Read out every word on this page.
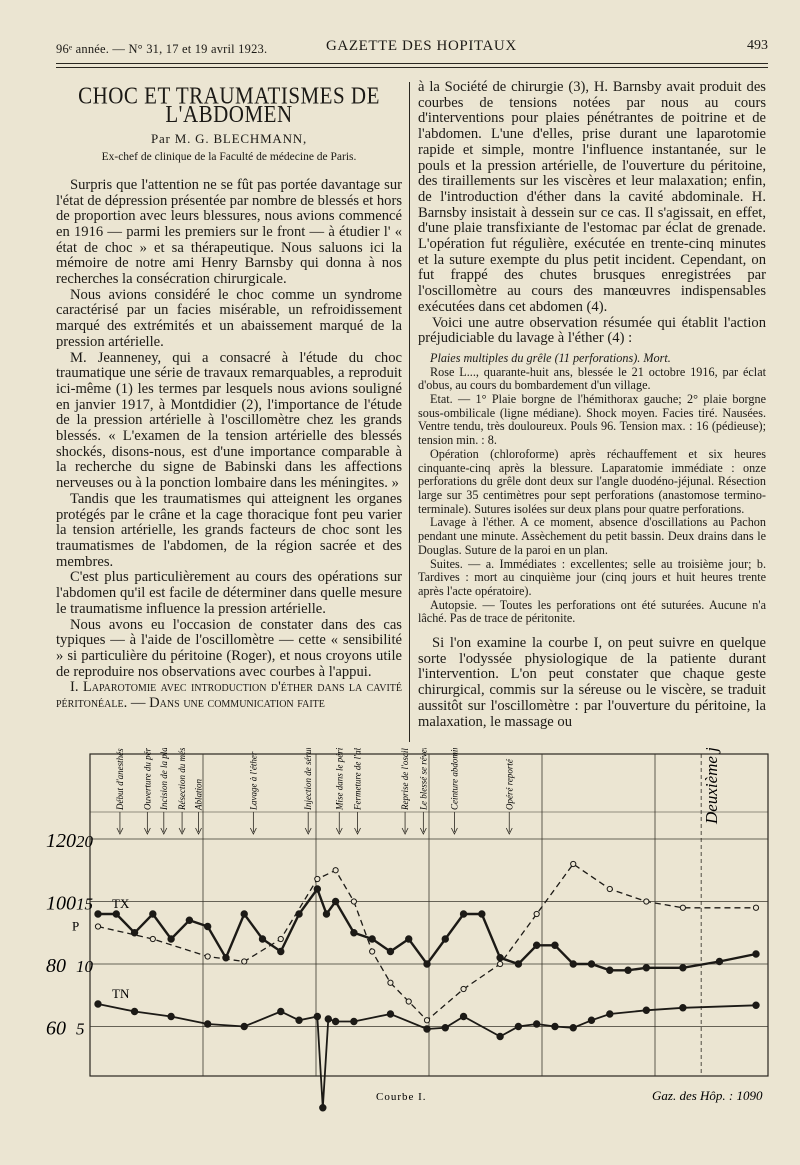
96ᵉ année. — N° 31, 17 et 19 avril 1923.	GAZETTE DES HOPITAUX	493
CHOC ET TRAUMATISMES DE L'ABDOMEN
Par M. G. BLECHMANN,
Ex-chef de clinique de la Faculté de médecine de Paris.

Surpris que l'attention ne se fût pas portée davantage sur l'état de dépression présentée par nombre de blessés et hors de proportion avec leurs blessures, nous avions commencé en 1916 — parmi les premiers sur le front — à étudier l' « état de choc » et sa thérapeutique. Nous saluons ici la mémoire de notre ami Henry Barnsby qui donna à nos recherches la consécration chirurgicale.

Nous avions considéré le choc comme un syndrome caractérisé par un facies misérable, un refroidissement marqué des extrémités et un abaissement marqué de la pression artérielle.

M. Jeanneney, qui a consacré à l'étude du choc traumatique une série de travaux remarquables, a reproduit ici-même (1) les termes par lesquels nous avions souligné en janvier 1917, à Montdidier (2), l'importance de l'étude de la pression artérielle à l'oscillomètre chez les grands blessés. « L'examen de la tension artérielle des blessés shockés, disons-nous, est d'une importance comparable à la recherche du signe de Babinski dans les affections nerveuses ou à la ponction lombaire dans les méningites. »

Tandis que les traumatismes qui atteignent les organes protégés par le crâne et la cage thoracique font peu varier la tension artérielle, les grands facteurs de choc sont les traumatismes de l'abdomen, de la région sacrée et des membres.

C'est plus particulièrement au cours des opérations sur l'abdomen qu'il est facile de déterminer dans quelle mesure le traumatisme influence la pression artérielle.

Nous avons eu l'occasion de constater dans des cas typiques — à l'aide de l'oscillomètre — cette « sensibilité » si particulière du péritoine (Roger), et nous croyons utile de reproduire nos observations avec courbes à l'appui.

I. Laparotomie avec introduction d'éther dans la cavité péritonéale. — Dans une communication faite

à la Société de chirurgie (3), H. Barnsby avait produit des courbes de tensions notées par nous au cours d'interventions pour plaies pénétrantes de poitrine et de l'abdomen. L'une d'elles, prise durant une laparotomie rapide et simple, montre l'influence instantanée, sur le pouls et la pression artérielle, de l'ouverture du péritoine, des tiraillements sur les viscères et leur malaxation; enfin, de l'introduction d'éther dans la cavité abdominale. H. Barnsby insistait à dessein sur ce cas. Il s'agissait, en effet, d'une plaie transfixiante de l'estomac par éclat de grenade. L'opération fut régulière, exécutée en trente-cinq minutes et la suture exempte du plus petit incident. Cependant, on fut frappé des chutes brusques enregistrées par l'oscillomètre au cours des manœuvres indispensables exécutées dans cet abdomen (4).

Voici une autre observation résumée qui établit l'action préjudiciable du lavage à l'éther (4) :

Plaies multiples du grêle (11 perforations). Mort.

Rose L..., quarante-huit ans, blessée le 21 octobre 1916, par éclat d'obus, au cours du bombardement d'un village.

Etat. — 1° Plaie borgne de l'hémithorax gauche; 2° plaie borgne sous-ombilicale (ligne médiane). Shock moyen. Facies tiré. Nausées. Ventre tendu, très douloureux. Pouls 96. Tension max. : 16 (pédieuse); tension min. : 8.

Opération (chloroforme) après réchauffement et six heures cinquante-cinq après la blessure. Laparatomie immédiate : onze perforations du grêle dont deux sur l'angle duodéno-jéjunal. Résection large sur 35 centimètres pour sept perforations (anastomose termino-terminale). Sutures isolées sur deux plans pour quatre perforations.

Lavage à l'éther. A ce moment, absence d'oscillations au Pachon pendant une minute. Assèchement du petit bassin. Deux drains dans le Douglas. Suture de la paroi en un plan.

Suites. — a. Immédiates : excellentes; selle au troisième jour; b. Tardives : mort au cinquième jour (cinq jours et huit heures trente après l'acte opératoire).

Autopsie. — Toutes les perforations ont été suturées. Aucune n'a lâché. Pas de trace de péritonite.

Si l'on examine la courbe I, on peut suivre en quelque sorte l'odyssée physiologique de la patiente durant l'intervention. L'on peut constater que chaque geste chirurgical, commis sur la séreuse ou le viscère, se traduit aussitôt sur l'oscillomètre : par l'ouverture du péritoine, la malaxation, le massage ou

120 20
100 15
80 10
60 5
Début d'anesthésie Ouverture du péritoine Incision de la plaie Résection du mésentère Ablation	Lavage à l'éther	Injection de sérum Mise dans le péritoine Fermeture de l'abdomen	Reprise de l'oscillation Le blessé se réveille Ceinture abdominale	Opéré reporté	Deuxième jour
TX
TN
P
Courbe I.	Gaz. des Hôp. : 1090
